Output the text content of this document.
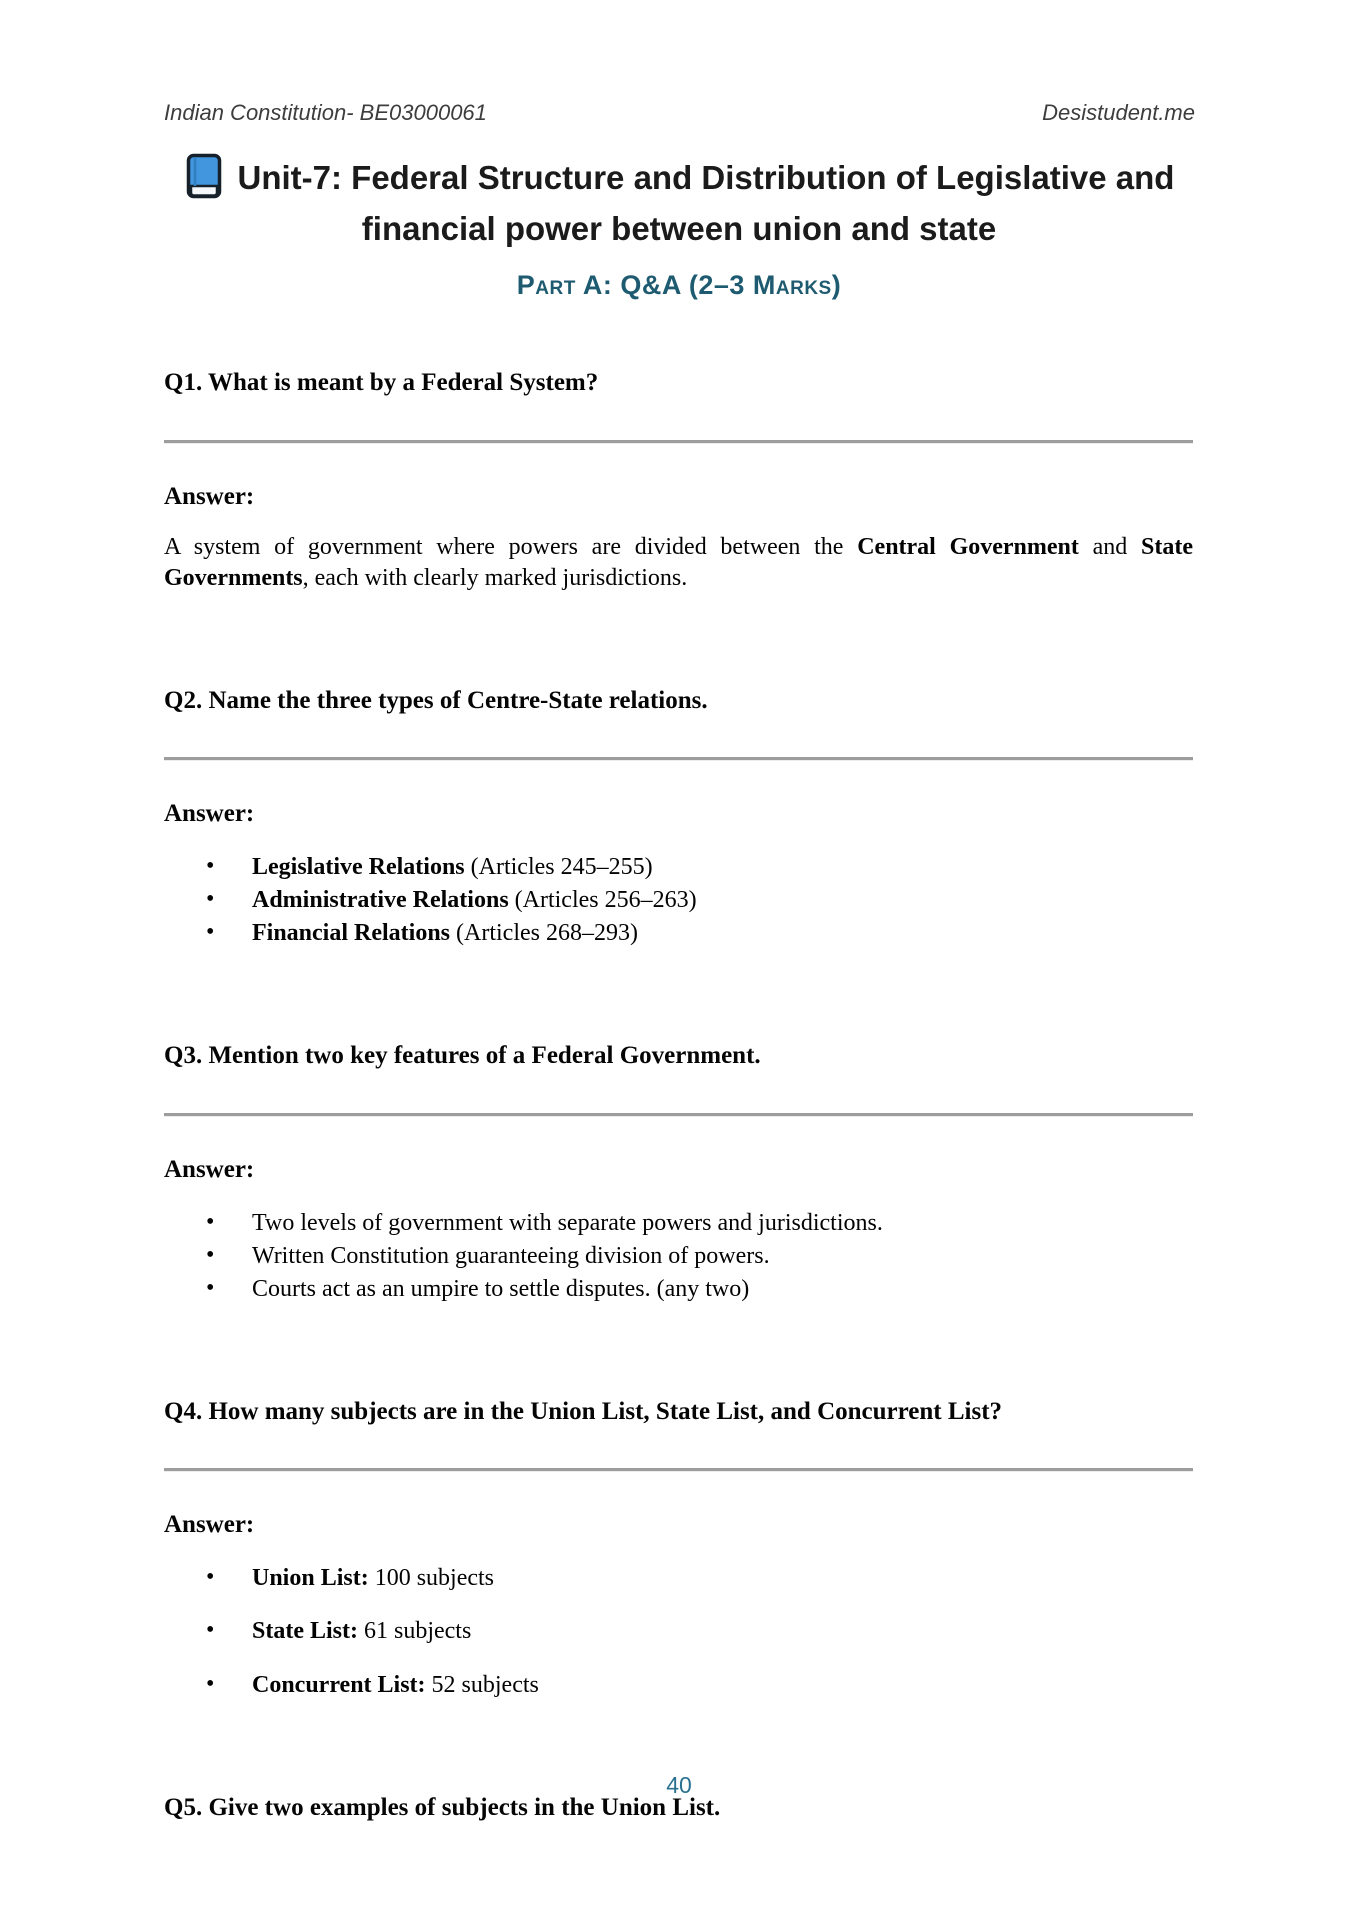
Indian Constitution- BE03000061	Desistudent.me
Unit-7: Federal Structure and Distribution of Legislative and
financial power between union and state
Part A: Q&A (2–3 Marks)
Q1. What is meant by a Federal System?
Answer:

A system of government where powers are divided between the Central Government and State Governments, each with clearly marked jurisdictions.

Q2. Name the three types of Centre-State relations.
Answer:
• Legislative Relations (Articles 245–255)
• Administrative Relations (Articles 256–263)
• Financial Relations (Articles 268–293)
Q3. Mention two key features of a Federal Government.
Answer:
• Two levels of government with separate powers and jurisdictions.
• Written Constitution guaranteeing division of powers.
• Courts act as an umpire to settle disputes. (any two)
Q4. How many subjects are in the Union List, State List, and Concurrent List?
Answer:
• Union List: 100 subjects
• State List: 61 subjects
• Concurrent List: 52 subjects
Q5. Give two examples of subjects in the Union List.
40
